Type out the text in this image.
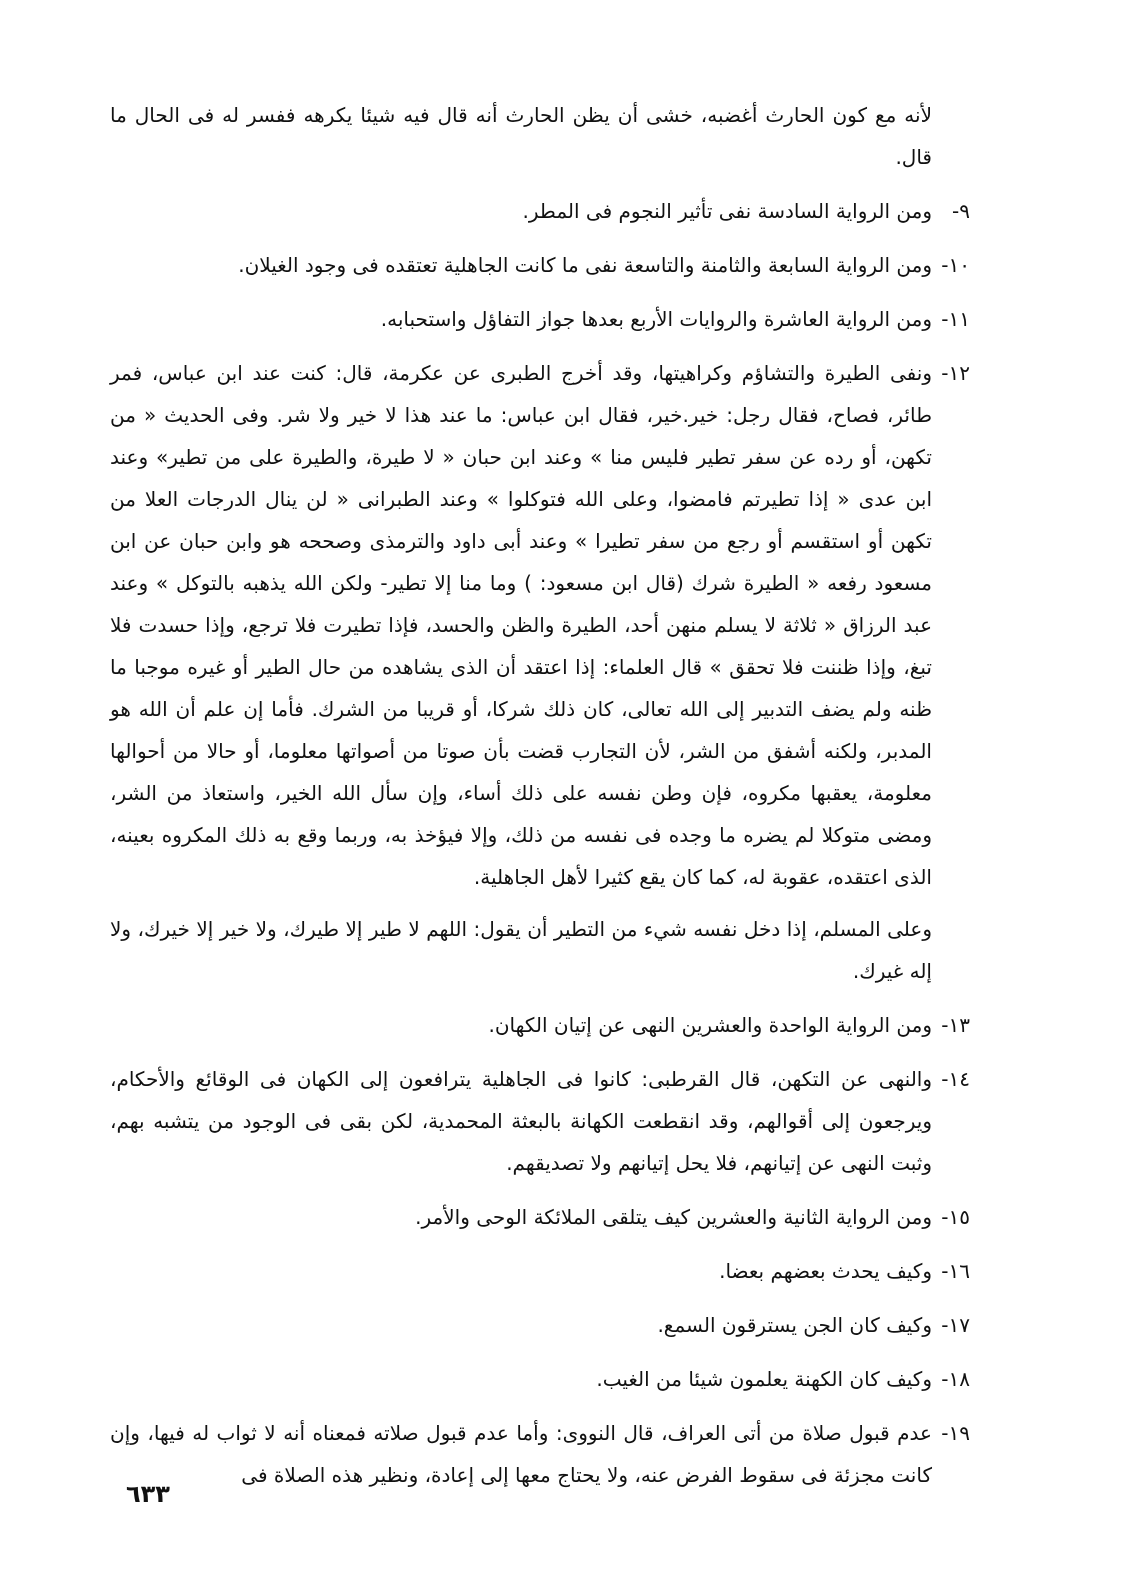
لأنه مع كون الحارث أغضبه، خشى أن يظن الحارث أنه قال فيه شيئا يكرهه ففسر له فى الحال ما قال.
٩-
ومن الرواية السادسة نفى تأثير النجوم فى المطر.
١٠-
ومن الرواية السابعة والثامنة والتاسعة نفى ما كانت الجاهلية تعتقده فى وجود الغيلان.
١١-
ومن الرواية العاشرة والروايات الأربع بعدها جواز التفاؤل واستحبابه.
١٢-
ونفى الطيرة والتشاؤم وكراهيتها، وقد أخرج الطبرى عن عكرمة، قال: كنت عند ابن عباس، فمر طائر، فصاح، فقال رجل: خير.خير، فقال ابن عباس: ما عند هذا لا خير ولا شر. وفى الحديث « من تكهن، أو رده عن سفر تطير فليس منا » وعند ابن حبان « لا طيرة، والطيرة على من تطير» وعند ابن عدى « إذا تطيرتم فامضوا، وعلى الله فتوكلوا » وعند الطبرانى « لن ينال الدرجات العلا من تكهن أو استقسم أو رجع من سفر تطيرا » وعند أبى داود والترمذى وصححه هو وابن حبان عن ابن مسعود رفعه « الطيرة شرك (قال ابن مسعود: ) وما منا إلا تطير- ولكن الله يذهبه بالتوكل » وعند عبد الرزاق « ثلاثة لا يسلم منهن أحد، الطيرة والظن والحسد، فإذا تطيرت فلا ترجع، وإذا حسدت فلا تبغ، وإذا ظننت فلا تحقق » قال العلماء: إذا اعتقد أن الذى يشاهده من حال الطير أو غيره موجبا ما ظنه ولم يضف التدبير إلى الله تعالى، كان ذلك شركا، أو قريبا من الشرك. فأما إن علم أن الله هو المدبر، ولكنه أشفق من الشر، لأن التجارب قضت بأن صوتا من أصواتها معلوما، أو حالا من أحوالها معلومة، يعقبها مكروه، فإن وطن نفسه على ذلك أساء، وإن سأل الله الخير، واستعاذ من الشر، ومضى متوكلا لم يضره ما وجده فى نفسه من ذلك، وإلا فيؤخذ به، وربما وقع به ذلك المكروه بعينه، الذى اعتقده، عقوبة له، كما كان يقع كثيرا لأهل الجاهلية.
وعلى المسلم، إذا دخل نفسه شيء من التطير أن يقول: اللهم لا طير إلا طيرك، ولا خير إلا خيرك، ولا إله غيرك.
١٣-
ومن الرواية الواحدة والعشرين النهى عن إتيان الكهان.
١٤-
والنهى عن التكهن، قال القرطبى: كانوا فى الجاهلية يترافعون إلى الكهان فى الوقائع والأحكام، ويرجعون إلى أقوالهم، وقد انقطعت الكهانة بالبعثة المحمدية، لكن بقى فى الوجود من يتشبه بهم، وثبت النهى عن إتيانهم، فلا يحل إتيانهم ولا تصديقهم.
١٥-
ومن الرواية الثانية والعشرين كيف يتلقى الملائكة الوحى والأمر.
١٦-
وكيف يحدث بعضهم بعضا.
١٧-
وكيف كان الجن يسترقون السمع.
١٨-
وكيف كان الكهنة يعلمون شيئا من الغيب.
١٩-
عدم قبول صلاة من أتى العراف، قال النووى: وأما عدم قبول صلاته فمعناه أنه لا ثواب له فيها، وإن كانت مجزئة فى سقوط الفرض عنه، ولا يحتاج معها إلى إعادة، ونظير هذه الصلاة فى
٦٣٣
